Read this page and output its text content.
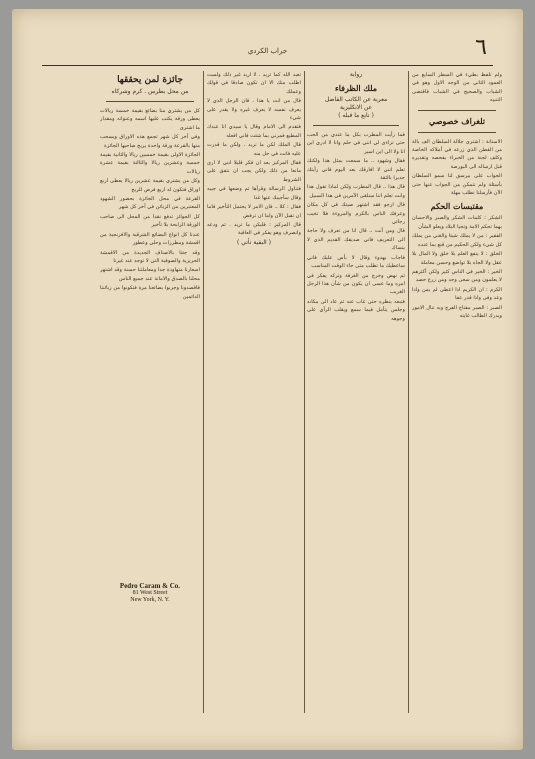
٦
جراب الكردي

ولم تلفظ بطيء في السطر السابع من العمود الثاني من الوجه الاول وهو في الشباب والصحيح في الشباب فاقتضى التنبيه

تلغراف خصوصي

الاستانة : اشترى جلالة السلطان الف بالة من القطن الذي زرعه في أملاكه الخاصة وكلف لجنة من الخبراء بفحصه وتقديره قبل ارساله الى البورصة

الجواب على بيرسق لنا سمو السلطان بأسئلة ولم نتمكن من الجواب عنها حتى الآن فأرسلنا نطلب مهلة

مقتبسات الحكم

الشكر : كلمات الشكر والصبر والاحسان بهما تحكم الامة وتحيا البلاد ويعلو الشأن

الفقير : من لا يملك شيئا والغني من يملك كل شيء ولكن الحكيم من قنع بما عنده

الخلق : لا ينفع العلم بلا خلق ولا المال بلا عقل ولا الجاه بلا تواضع وحسن معاملة

الخير : الخير في الناس كثير ولكن أكثرهم لا يعلمون ومن سعى وجد ومن زرع حصد

الكرم : ان الكريم اذا اعطى لم يمن واذا وعد وفى واذا قدر عفا

الصبر : الصبر مفتاح الفرج وبه تنال الامور ويدرك الطالب غايته

رواية
ملك الظرفاء
معربة عن الكاتب الفاضل
عن الانكليزية
( تابع ما قبله )

فما رأيت المطرب بكل ما عندي من الحب حتى تراءى لي انني في حلم وانا لا ادري اين انا ولا الى اين اسير

فقال وشهود .. ما سمعت بمثل هذا ولكنك تعلم انني لا افارقك بعد اليوم فاني رأيتك جديرا بالثقة

قال هذا .. قال المطرب ولكن لماذا تقول هذا وانت تعلم اننا سنلقى الأمرين في هذا السبيل

قال ارجو فقد اشتهر صيتك في كل مكان وعرفك الناس بالكرم والمروءة فلا تخيب رجائي

قال ومن أنت .. قال انا من تعرف ولا حاجة الى التعريف فاني صديقك القديم الذي لا ينساك

فاجاب بهدوء وقال لا بأس عليك فاني ساعطيك ما تطلب متى جاء الوقت المناسب

ثم نهض وخرج من الغرفة وتركه يفكر في امره وما عسى ان يكون من شأن هذا الرجل الغريب

فتبعه بنظره حتى غاب عنه ثم عاد الى مكانه وجلس يتأمل فيما سمع ويقلب الرأي على وجوهه

تعبد الله كما تريد . لا اريد غير ذلك ولست اطلب منك الا ان تكون صادقا في قولك وعملك

قال من انت يا هذا . فان الرجل الذي لا يعرف نفسه لا يعرف غيره ولا يقدر على شيء

فتقدم الى الامام وقال يا سيدي انا عبدك المطيع فمرني بما شئت فاني افعله

قال الملك لكن ما تريد . ولكن ما قدرت عليه فانت في حل منه

فقال المركيز بعد ان فكر قليلا انني لا ارى مانعا من ذلك ولكن يجب ان نتفق على الشروط

فتناول الرسالة وقرأها ثم وضعها في جيبه وقال سأجيبك عنها غدا

فقال : كلا .. فان الامر لا يحتمل التأخير فاما ان تقبل الآن واما ان ترفض

قال المركيز : فليكن ما تريد . ثم ودعه وانصرف وهو يفكر في العاقبة

( البقية تأتي )
جائزة لمن يحققها
من محل بطرس . كرم وشركاه

كل من يشتري منا بضائع بقيمة خمسة ريالات يعطى ورقة يكتب عليها اسمه وعنوانه ومقدار ما اشترى

وفي آخر كل شهر تجمع هذه الاوراق ويسحب منها بالقرعة ورقة واحدة يربح صاحبها الجائزة

الجائزة الاولى بقيمة خمسين ريالا والثانية بقيمة خمسة وعشرين ريالا والثالثة بقيمة عشرة ريالات

وكل من يشتري بقيمة عشرين ريالا يعطى اربع اوراق فتكون له اربع فرص للربح

القرعة في محل الجائزة بحضور الشهود المعتبرين من الزبائن في آخر كل شهر

كل الجوائز تدفع نقدا من المحل الى صاحب الورقة الرابحة بلا تأخير

عندنا كل انواع البضائع الشرقية والافرنجية من اقمشة ومطرزات وحلي وعطور

وقد جئنا بالاصناف الجديدة من الاقمشة الحريرية والصوفية التي لا توجد عند غيرنا

اسعارنا متهاودة جدا ومعاملتنا حسنة وقد اشتهر محلنا بالصدق والامانة عند جميع الناس

فاقصدونا وجربوا بضائعنا مرة فتكونوا من زبائننا الدائمين

Pedro Caram & Co.
81 West Street
New York, N. Y.
